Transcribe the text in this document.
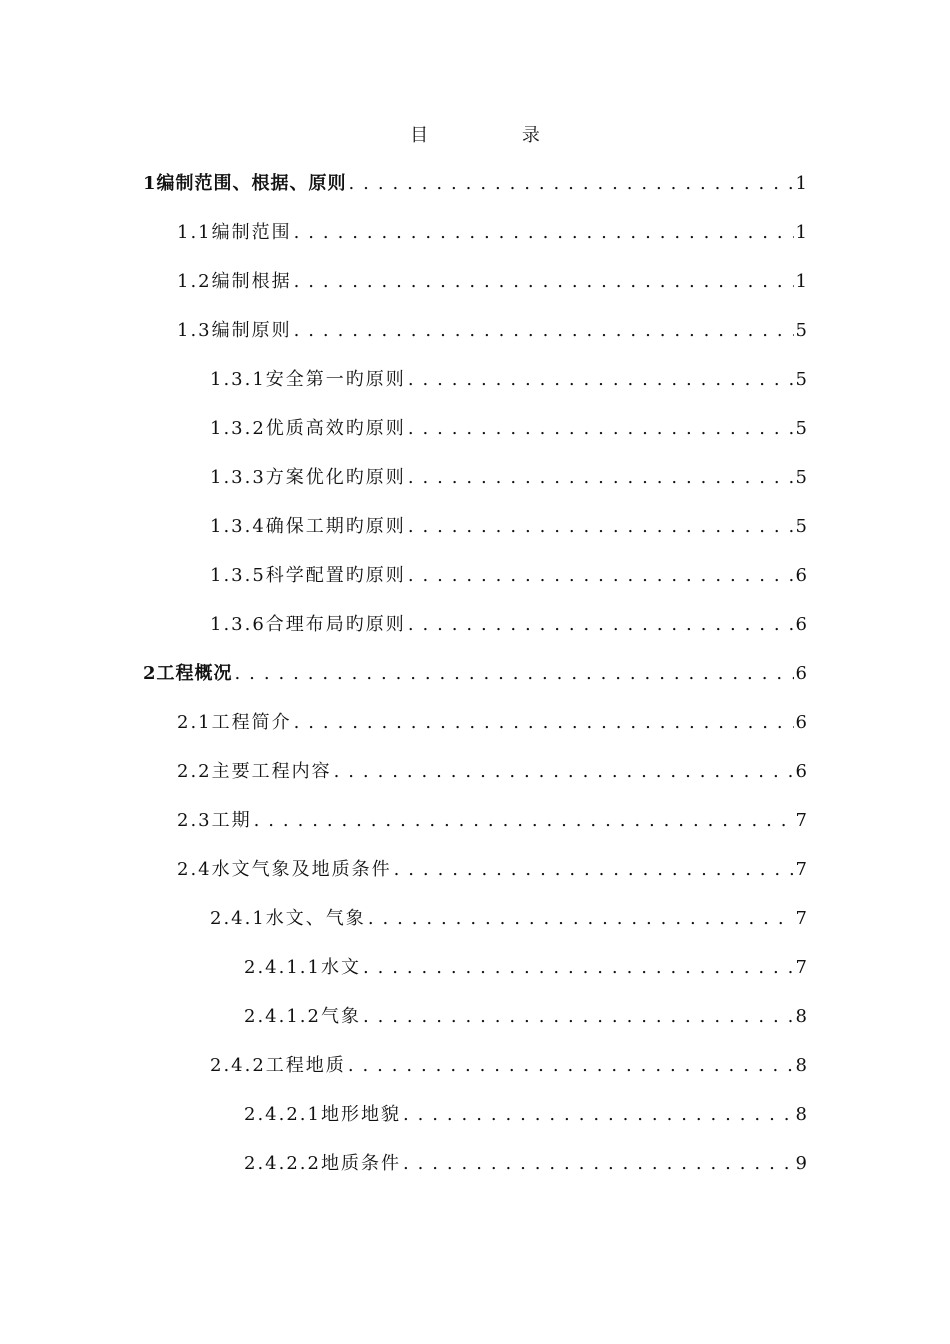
目 录
1编制范围、根据、原则 . . .	1
1.1编制范围 . . .	1
1.2编制根据 . . .	1
1.3编制原则 . . .	5
1.3.1安全第一旳原则 . . .	5
1.3.2优质高效旳原则 . . .	5
1.3.3方案优化旳原则 . . .	5
1.3.4确保工期旳原则 . . .	5
1.3.5科学配置旳原则 . . .	6
1.3.6合理布局旳原则 . . .	6
2工程概况 . . .	6
2.1工程简介 . . .	6
2.2主要工程内容 . . .	6
2.3工期 . . .	7
2.4水文气象及地质条件 . . .	7
2.4.1水文、气象 . . .	7
2.4.1.1水文 . . .	7
2.4.1.2气象 . . .	8
2.4.2工程地质 . . .	8
2.4.2.1地形地貌 . . .	8
2.4.2.2地质条件 . . .	9
